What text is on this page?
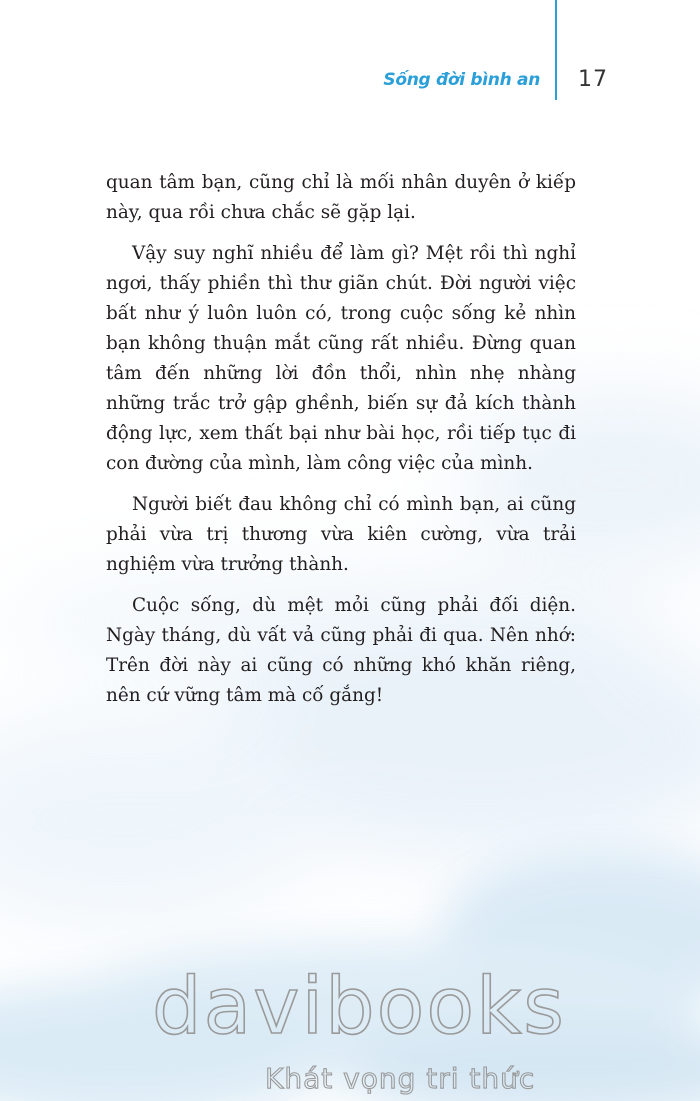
Sống đời bình an 17

quan tâm bạn, cũng chỉ là mối nhân duyên ở kiếp này, qua rồi chưa chắc sẽ gặp lại.

Vậy suy nghĩ nhiều để làm gì? Mệt rồi thì nghỉ ngơi, thấy phiền thì thư giãn chút. Đời người việc bất như ý luôn luôn có, trong cuộc sống kẻ nhìn bạn không thuận mắt cũng rất nhiều. Đừng quan tâm đến những lời đồn thổi, nhìn nhẹ nhàng những trắc trở gập ghềnh, biến sự đả kích thành động lực, xem thất bại như bài học, rồi tiếp tục đi con đường của mình, làm công việc của mình.

Người biết đau không chỉ có mình bạn, ai cũng phải vừa trị thương vừa kiên cường, vừa trải nghiệm vừa trưởng thành.

Cuộc sống, dù mệt mỏi cũng phải đối diện. Ngày tháng, dù vất vả cũng phải đi qua. Nên nhớ: Trên đời này ai cũng có những khó khăn riêng, nên cứ vững tâm mà cố gắng!

davibooks
Khát vọng tri thức
